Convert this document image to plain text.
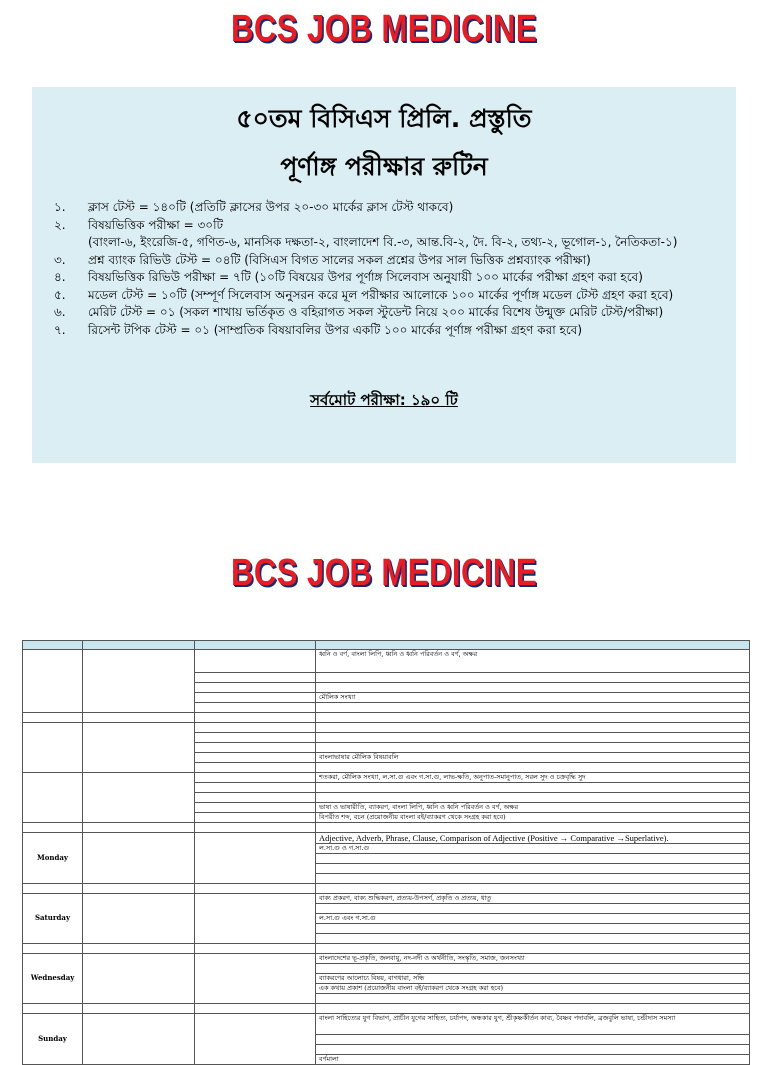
BCS JOB MEDICINE
৫০তম বিসিএস প্রিলি. প্রস্তুতি
পূর্ণাঙ্গ পরীক্ষার রুটিন
১.	ক্লাস টেস্ট = ১৪০টি (প্রতিটি ক্লাসের উপর ২০-৩০ মার্কের ক্লাস টেস্ট থাকবে)
২.	বিষয়ভিত্তিক পরীক্ষা = ৩০টি
(বাংলা-৬, ইংরেজি-৫, গণিত-৬, মানসিক দক্ষতা-২, বাংলাদেশ বি.-৩, আন্ত.বি-২, দৈ. বি-২, তথ্য-২, ভূগোল-১, নৈতিকতা-১)
৩.	প্রশ্ন ব্যাংক রিভিউ টেস্ট = ০৪টি (বিসিএস বিগত সালের সকল প্রশ্নের উপর সাল ভিত্তিক প্রশ্নব্যাংক পরীক্ষা)
৪.	বিষয়ভিত্তিক রিভিউ পরীক্ষা = ৭টি (১০টি বিষয়ের উপর পূর্ণাঙ্গ সিলেবাস অনুযায়ী ১০০ মার্কের পরীক্ষা গ্রহণ করা হবে)
৫.	মডেল টেস্ট = ১০টি (সম্পূর্ণ সিলেবাস অনুসরন করে মূল পরীক্ষার আলোকে ১০০ মার্কের পূর্ণাঙ্গ মডেল টেস্ট গ্রহণ করা হবে)
৬.	মেরিট টেস্ট = ০১ (সকল শাখায় ভর্তিকৃত ও বহিরাগত সকল স্টুডেন্ট নিয়ে ২০০ মার্কের বিশেষ উন্মুক্ত মেরিট টেস্ট/পরীক্ষা)
৭.	রিসেন্ট টপিক টেস্ট = ০১ (সাম্প্রতিক বিষয়াবলির উপর একটি ১০০ মার্কের পূর্ণাঙ্গ পরীক্ষা গ্রহণ করা হবে)
সর্বমোট পরীক্ষা: ১৯০ টি
BCS JOB MEDICINE

			ধ্বনি ও বর্ণ, বাংলা লিপি, ধ্বনি ও ধ্বনি পরিবর্তন ও বর্ণ, অক্ষর

			মৌলিক সংখ্যা

			বাংলাভাষার মৌলিক বিষয়াবলি

			শতকরা, মৌলিক সংখ্যা, ল.সা.গু এবং গ.সা.গু, লাভ-ক্ষতি, অনুপাত-সমানুপাত, সরল সুদ ও চক্রবৃদ্ধি সুদ

			ভাষা ও ভাষারীতি, ব্যাকরণ, বাংলা লিপি, ধ্বনি ও ধ্বনি পরিবর্তন ও বর্ণ, অক্ষর
			বিপরীত শব্দ, বচন (প্রয়োজনীয় বাংলা বই/ব্যাকরণ থেকে সংগ্রহ করা হবে)

Monday			Adjective, Adverb, Phrase, Clause, Comparison of Adjective (Positive → Comparative →Superlative).
			ল.সা.গু ও গ.সা.গু

Saturday			বাক্য প্রকরণ, বাক্য শুদ্ধিকরণ, প্রত্যয়-উপসর্গ, প্রকৃতি ও প্রত্যয়, ধাতু

			ল.সা.গু এবং গ.সা.গু

Wednesday			বাংলাদেশের ভূ-প্রকৃতি, জলবায়ু, নদ-নদী ও অর্থনীতি, সংস্কৃতি, সমাজ, জনসংখ্যা

			ব্যাকরণের আলোচ্য বিষয়, বাগধারা, সন্ধি
			এক কথায় প্রকাশ (প্রয়োজনীয় বাংলা বই/ব্যাকরণ থেকে সংগ্রহ করা হবে)

Sunday			বাংলা সাহিত্যের যুগ বিভাগ, প্রাচীন যুগের সাহিত্য, চর্যাপদ, অন্ধকার যুগ, শ্রীকৃষ্ণকীর্তন কাব্য, বৈষ্ণব পদাবলি, ব্রজবুলি ভাষা, চন্ডীদাস সমস্যা

			বর্ণমালা
